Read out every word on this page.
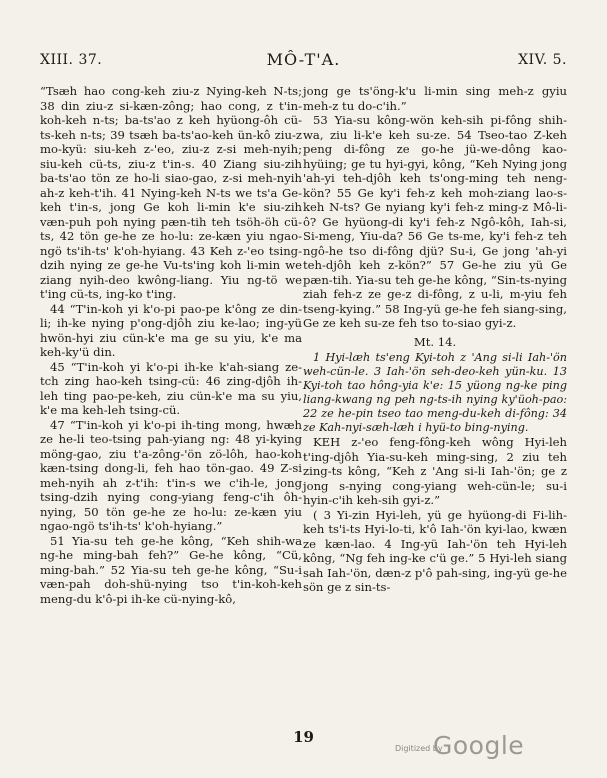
XIII. 37.	MÔ-T'A.	XIV. 5.

“Tsæh hao cong-keh ziu-z Nying-keh N-ts; 38 din ziu-z si-kæn-zông; hao cong, z t'in-koh-keh n-ts; ba-ts'ao z keh hyüong-ôh cü-ts-keh n-ts; 39 tsæh ba-ts'ao-keh ün-kô ziu-z mo-kyü: siu-keh z-'eo, ziu-z z-si meh-nyih; siu-keh cü-ts, ziu-z t'in-s. 40 Ziang siu-zih ba-ts'ao tön ze ho-li siao-gao, z-si meh-nyih ah-z keh-t'ih. 41 Nying-keh N-ts we ts'a Ge-keh t'in-s, jong Ge koh li-min k'e siu-zih væn-puh poh nying pæn-tih teh tsöh-öh cü-ts, 42 tön ge-he ze ho-lu: ze-kæn yiu ngao-ngö ts'ih-ts' k'oh-hyiang. 43 Keh z-'eo tsing-dzih nying ze ge-he Vu-ts'ing koh li-min we ziang nyih-deo kwông-liang. Yiu ng-tö we t'ing cü-ts, ing-ko t'ing.

44 “T'in-koh yi k'o-pi pao-pe k'ông ze din-li; ih-ke nying p'ong-djôh ziu ke-lao; ing-yü hwön-hyi ziu cün-k'e ma ge su yiu, k'e ma keh-ky'ü din.

45 “T'in-koh yi k'o-pi ih-ke k'ah-siang ze-tch zing hao-keh tsing-cü: 46 zing-djôh ih-leh ting pao-pe-keh, ziu cün-k'e ma su yiu, k'e ma keh-leh tsing-cü.

47 “T'in-koh yi k'o-pi ih-ting mong, hwæh ze he-li teo-tsing pah-yiang ng: 48 yi-kying möng-gao, ziu t'a-zông-'ön zö-lôh, hao-koh kæn-tsing dong-li, feh hao tön-gao. 49 Z-si meh-nyih ah z-t'ih: t'in-s we c'ih-le, jong tsing-dzih nying cong-yiang feng-c'ih ôh-nying, 50 tön ge-he ze ho-lu: ze-kæn yiu ngao-ngö ts'ih-ts' k'oh-hyiang.”

51 Yia-su teh ge-he kông, “Keh shih-wa ng-he ming-bah feh?” Ge-he kông, “Cü, ming-bah.” 52 Yia-su teh ge-he kông, “Su-i væn-pah doh-shü-nying tso t'in-koh-keh meng-du k'ô-pi ih-ke cü-nying-kô,

jong ge ts'öng-k'u li-min sing meh-z gyiu meh-z tu do-c'ih.”

53 Yia-su kông-wön keh-sih pi-fông shih-wa, ziu li-k'e keh su-ze. 54 Tseo-tao Z-keh peng di-fông ze go-he jü-we-dông kao-hyüing; ge tu hyi-gyi, kông, “Keh Nying jong 'ah-yi teh-djôh keh ts'ong-ming teh neng-kön? 55 Ge ky'i feh-z keh moh-ziang lao-s-keh N-ts? Ge nyiang ky'i feh-z ming-z Mô-li-ô? Ge hyüong-di ky'i feh-z Ngô-kôh, Iah-si, Si-meng, Yiu-da? 56 Ge ts-me, ky'i feh-z teh ngô-he tso di-fông djü? Su-i, Ge jong 'ah-yi teh-djôh keh z-kön?” 57 Ge-he ziu yü Ge pæn-tih. Yia-su teh ge-he kông, “Sin-ts-nying ziah feh-z ze ge-z di-fông, z u-li, m-yiu feh tseng-kying.” 58 Ing-yü ge-he feh siang-sing, Ge ze keh su-ze feh tso to-siao gyi-z.

Mt. 14.

1 Hyi-læh ts'eng Kyi-toh z 'Ang si-li Iah-'ön weh-cün-le. 3 Iah-'ön seh-deo-keh yün-ku. 13 Kyi-toh tao hông-yia k'e: 15 yüong ng-ke ping liang-kwang ng peh ng-ts-ih nying ky'üoh-pao: 22 ze he-pin tseo tao meng-du-keh di-fông: 34 ze Kah-nyi-sæh-læh i hyü-to bing-nying.

KEH z-'eo feng-fông-keh wông Hyi-leh t'ing-djôh Yia-su-keh ming-sing, 2 ziu teh zing-ts kông, “Keh z 'Ang si-li Iah-'ön; ge z jong s-nying cong-yiang weh-cün-le; su-i hyin-c'ih keh-sih gyi-z.”

( 3 Yi-zin Hyi-leh, yü ge hyüong-di Fi-lih-keh ts'i-ts Hyi-lo-ti, k'ô Iah-'ön kyi-lao, kwæn ze kæn-lao. 4 Ing-yü Iah-'ön teh Hyi-leh kông, “Ng feh ing-ke c'ü ge.” 5 Hyi-leh siang sah Iah-'ön, dæn-z p'ô pah-sing, ing-yü ge-he sön ge z sin-ts-

19
Digitized by
Google
